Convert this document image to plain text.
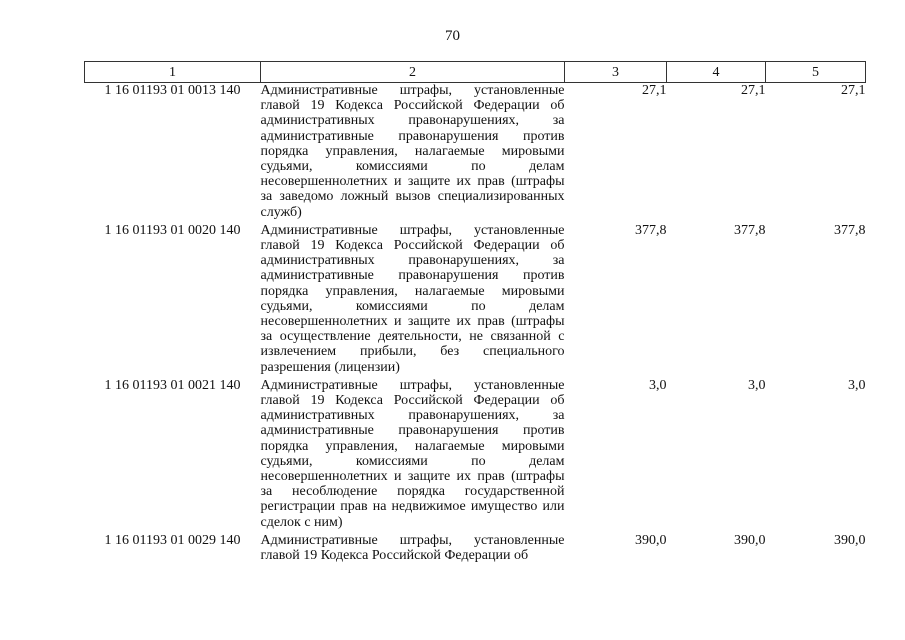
70
1	2	3	4	5
1 16 01193 01 0013 140	Административные штрафы, установленные главой 19 Кодекса Российской Федерации об административных правонарушениях, за административные правонарушения против порядка управления, налагаемые мировыми судьями, комиссиями по делам несовершеннолетних и защите их прав (штрафы за заведомо ложный вызов специализированных служб)	27,1	27,1	27,1
1 16 01193 01 0020 140	Административные штрафы, установленные главой 19 Кодекса Российской Федерации об административных правонарушениях, за административные правонарушения против порядка управления, налагаемые мировыми судьями, комиссиями по делам несовершеннолетних и защите их прав (штрафы за осуществление деятельности, не связанной с извлечением прибыли, без специального разрешения (лицензии)	377,8	377,8	377,8
1 16 01193 01 0021 140	Административные штрафы, установленные главой 19 Кодекса Российской Федерации об административных правонарушениях, за административные правонарушения против порядка управления, налагаемые мировыми судьями, комиссиями по делам несовершеннолетних и защите их прав (штрафы за несоблюдение порядка государственной регистрации прав на недвижимое имущество или сделок с ним)	3,0	3,0	3,0
1 16 01193 01 0029 140	Административные штрафы, установленные главой 19 Кодекса Российской Федерации об	390,0	390,0	390,0
